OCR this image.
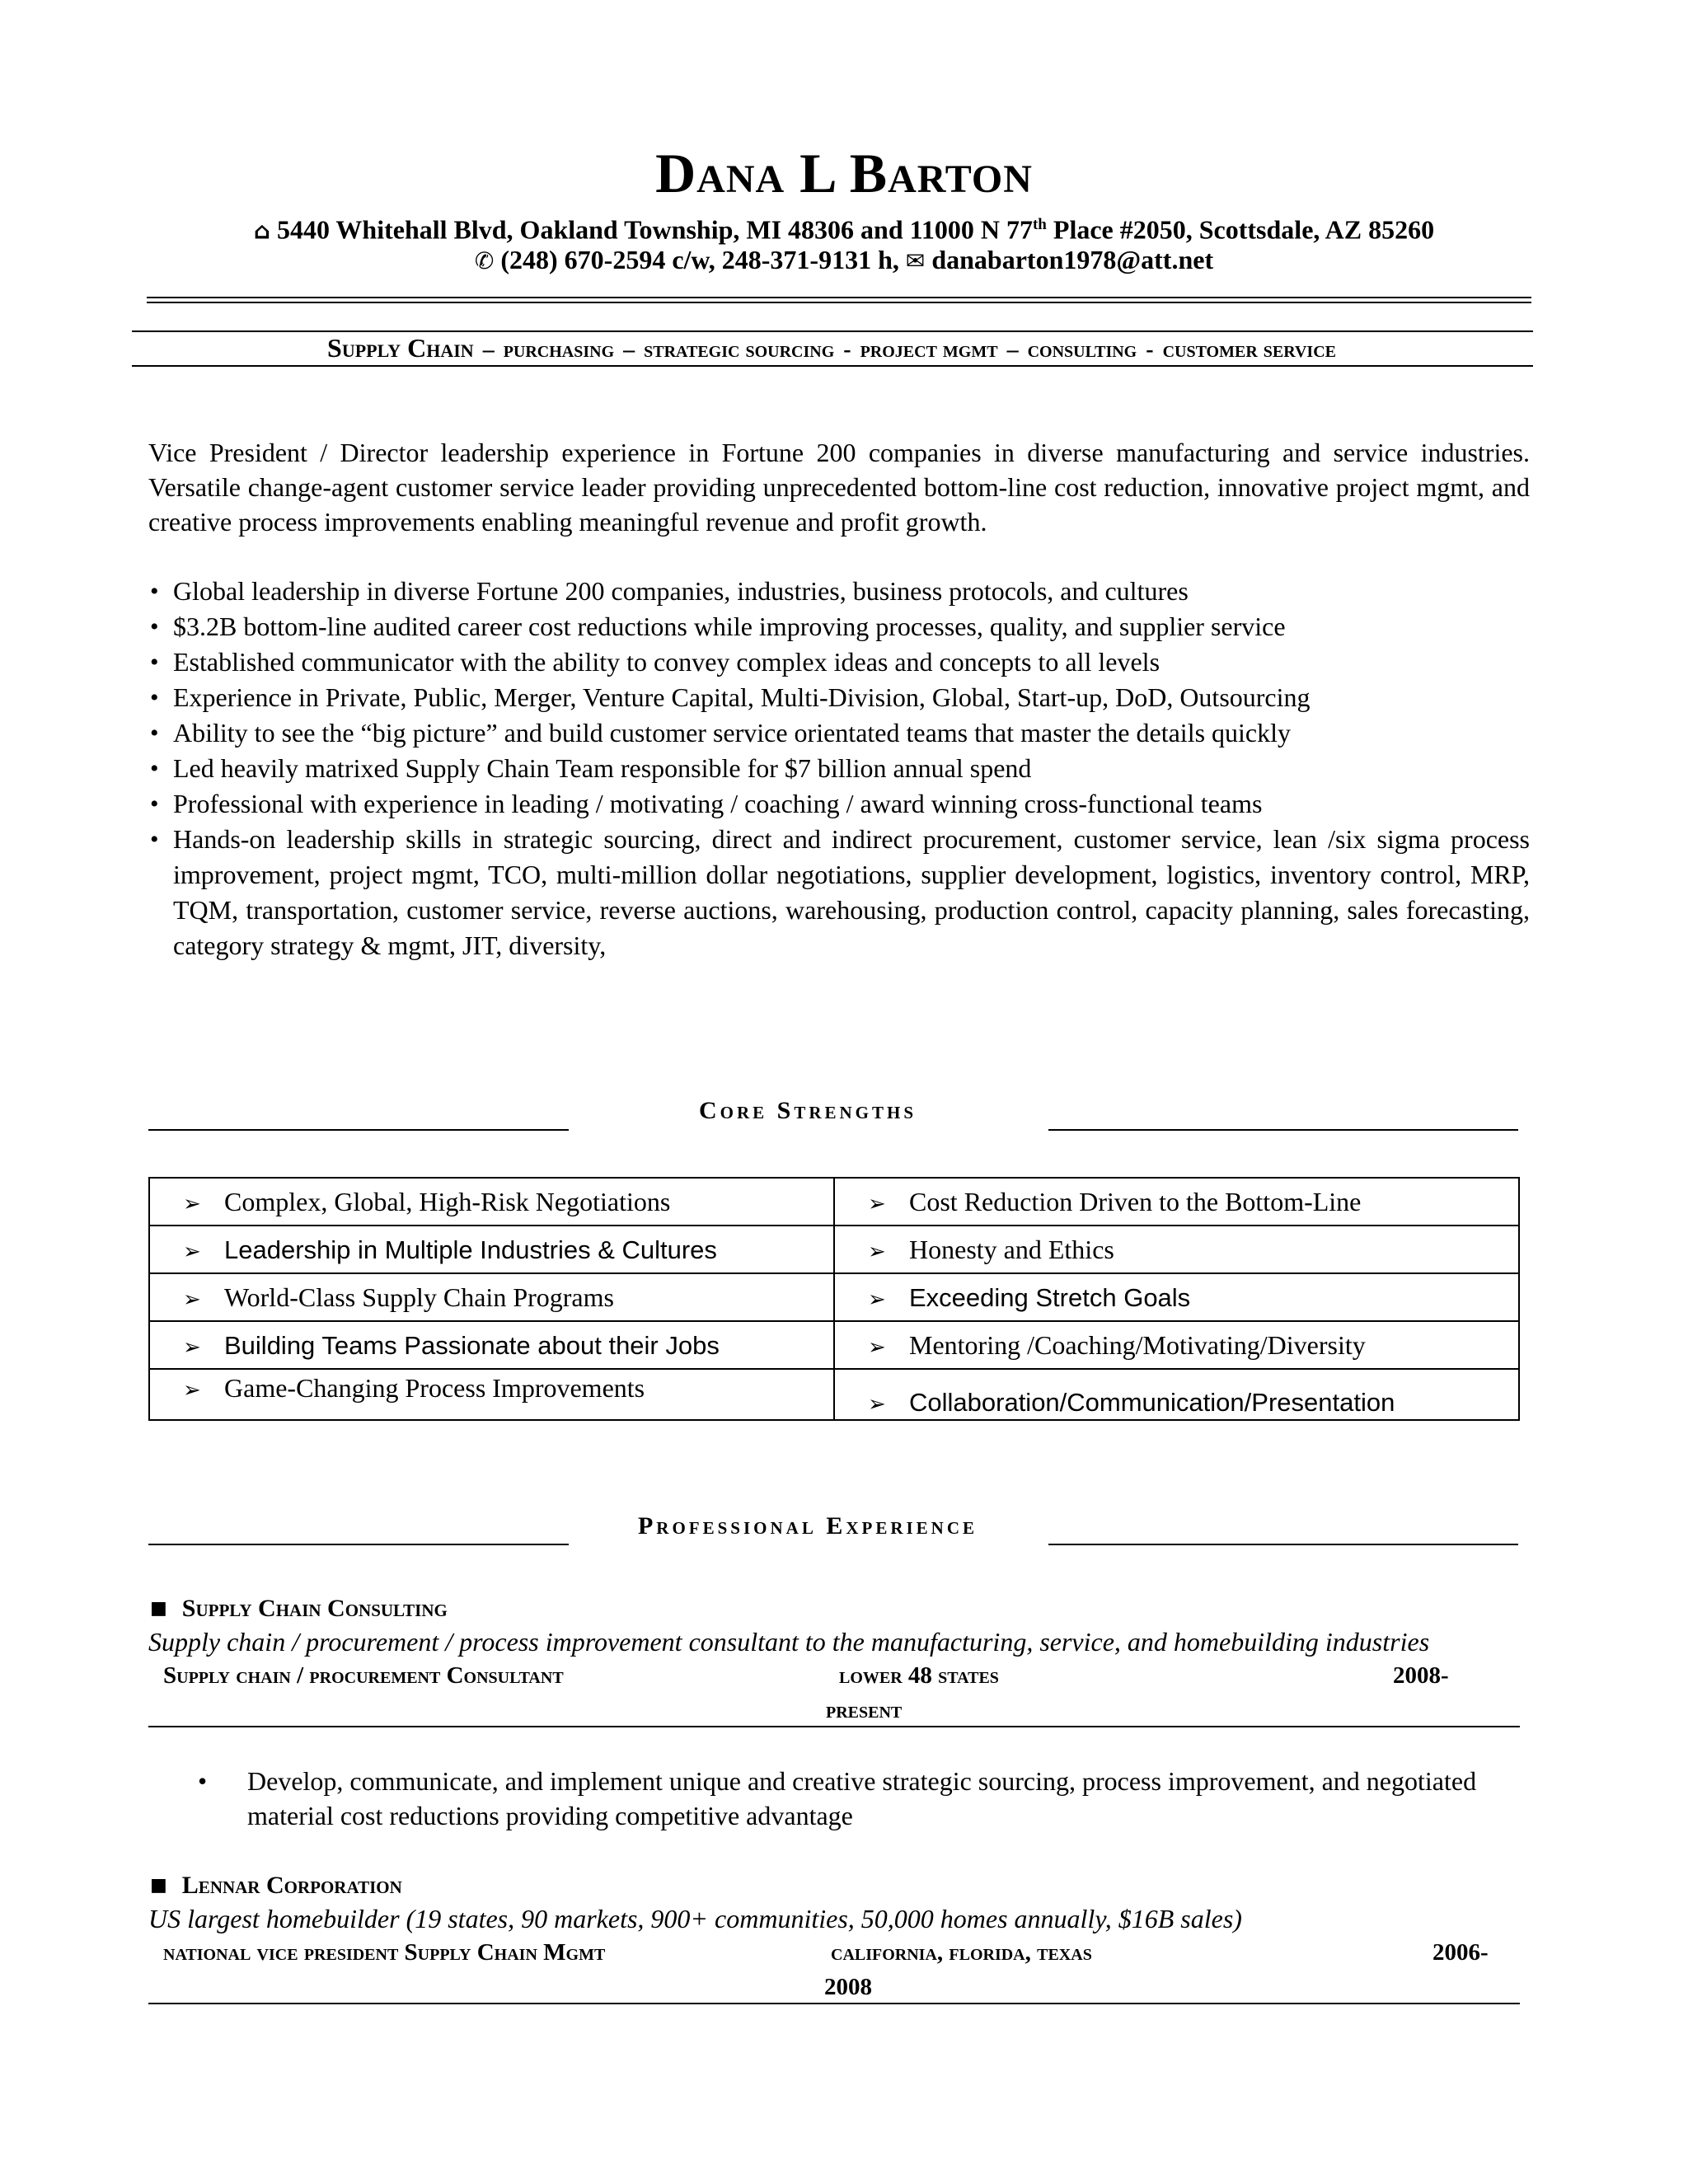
Dana L Barton
⌂ 5440 Whitehall Blvd, Oakland Township, MI 48306 and 11000 N 77th Place #2050, Scottsdale, AZ 85260
✆ (248) 670-2594 c/w, 248-371-9131 h, ✉ danabarton1978@att.net
Supply Chain – purchasing – strategic sourcing - project mgmt – consulting - customer service
Vice President / Director leadership experience in Fortune 200 companies in diverse manufacturing and service industries. Versatile change-agent customer service leader providing unprecedented bottom-line cost reduction, innovative project mgmt, and creative process improvements enabling meaningful revenue and profit growth.
• Global leadership in diverse Fortune 200 companies, industries, business protocols, and cultures
• $3.2B bottom-line audited career cost reductions while improving processes, quality, and supplier service
• Established communicator with the ability to convey complex ideas and concepts to all levels
• Experience in Private, Public, Merger, Venture Capital, Multi-Division, Global, Start-up, DoD, Outsourcing
• Ability to see the “big picture” and build customer service orientated teams that master the details quickly
• Led heavily matrixed Supply Chain Team responsible for $7 billion annual spend
• Professional with experience in leading / motivating / coaching / award winning cross-functional teams
• Hands-on leadership skills in strategic sourcing, direct and indirect procurement, customer service, lean /six sigma process improvement, project mgmt, TCO, multi-million dollar negotiations, supplier development, logistics, inventory control, MRP, TQM, transportation, customer service, reverse auctions, warehousing, production control, capacity planning, sales forecasting, category strategy & mgmt, JIT, diversity,
Core Strengths
➢ Complex, Global, High-Risk Negotiations	➢ Cost Reduction Driven to the Bottom-Line
➢ Leadership in Multiple Industries & Cultures	➢ Honesty and Ethics
➢ World-Class Supply Chain Programs	➢ Exceeding Stretch Goals
➢ Building Teams Passionate about their Jobs	➢ Mentoring /Coaching/Motivating/Diversity
➢ Game-Changing Process Improvements	➢ Collaboration/Communication/Presentation
Professional Experience
■ Supply Chain Consulting
Supply chain / procurement / process improvement consultant to the manufacturing, service, and homebuilding industries
Supply chain / procurement Consultant	lower 48 states	2008-
present
• Develop, communicate, and implement unique and creative strategic sourcing, process improvement, and negotiated material cost reductions providing competitive advantage
■ Lennar Corporation
US largest homebuilder (19 states, 90 markets, 900+ communities, 50,000 homes annually, $16B sales)
national vice president Supply Chain Mgmt	california, florida, texas	2006-
2008
